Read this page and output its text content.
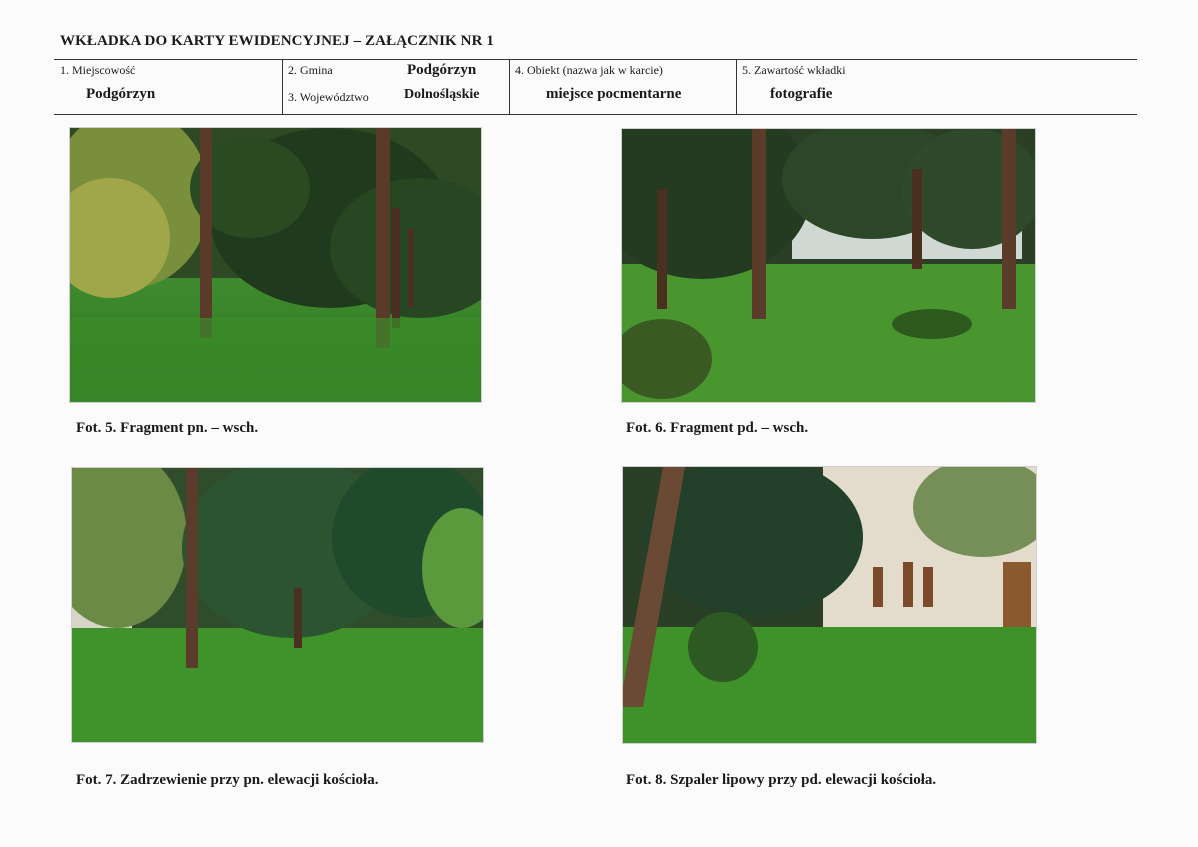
WKŁADKA DO KARTY EWIDENCYJNEJ – ZAŁĄCZNIK NR 1
1. Miejscowość
Podgórzyn
2. Gmina	Podgórzyn
3. Województwo	Dolnośląskie
4. Obiekt (nazwa jak w karcie)
miejsce pocmentarne
5. Zawartość wkładki
fotografie
Fot. 5. Fragment pn. – wsch.	Fot. 6. Fragment pd. – wsch.
Fot. 7. Zadrzewienie przy pn. elewacji kościoła.	Fot. 8. Szpaler lipowy przy pd. elewacji kościoła.
